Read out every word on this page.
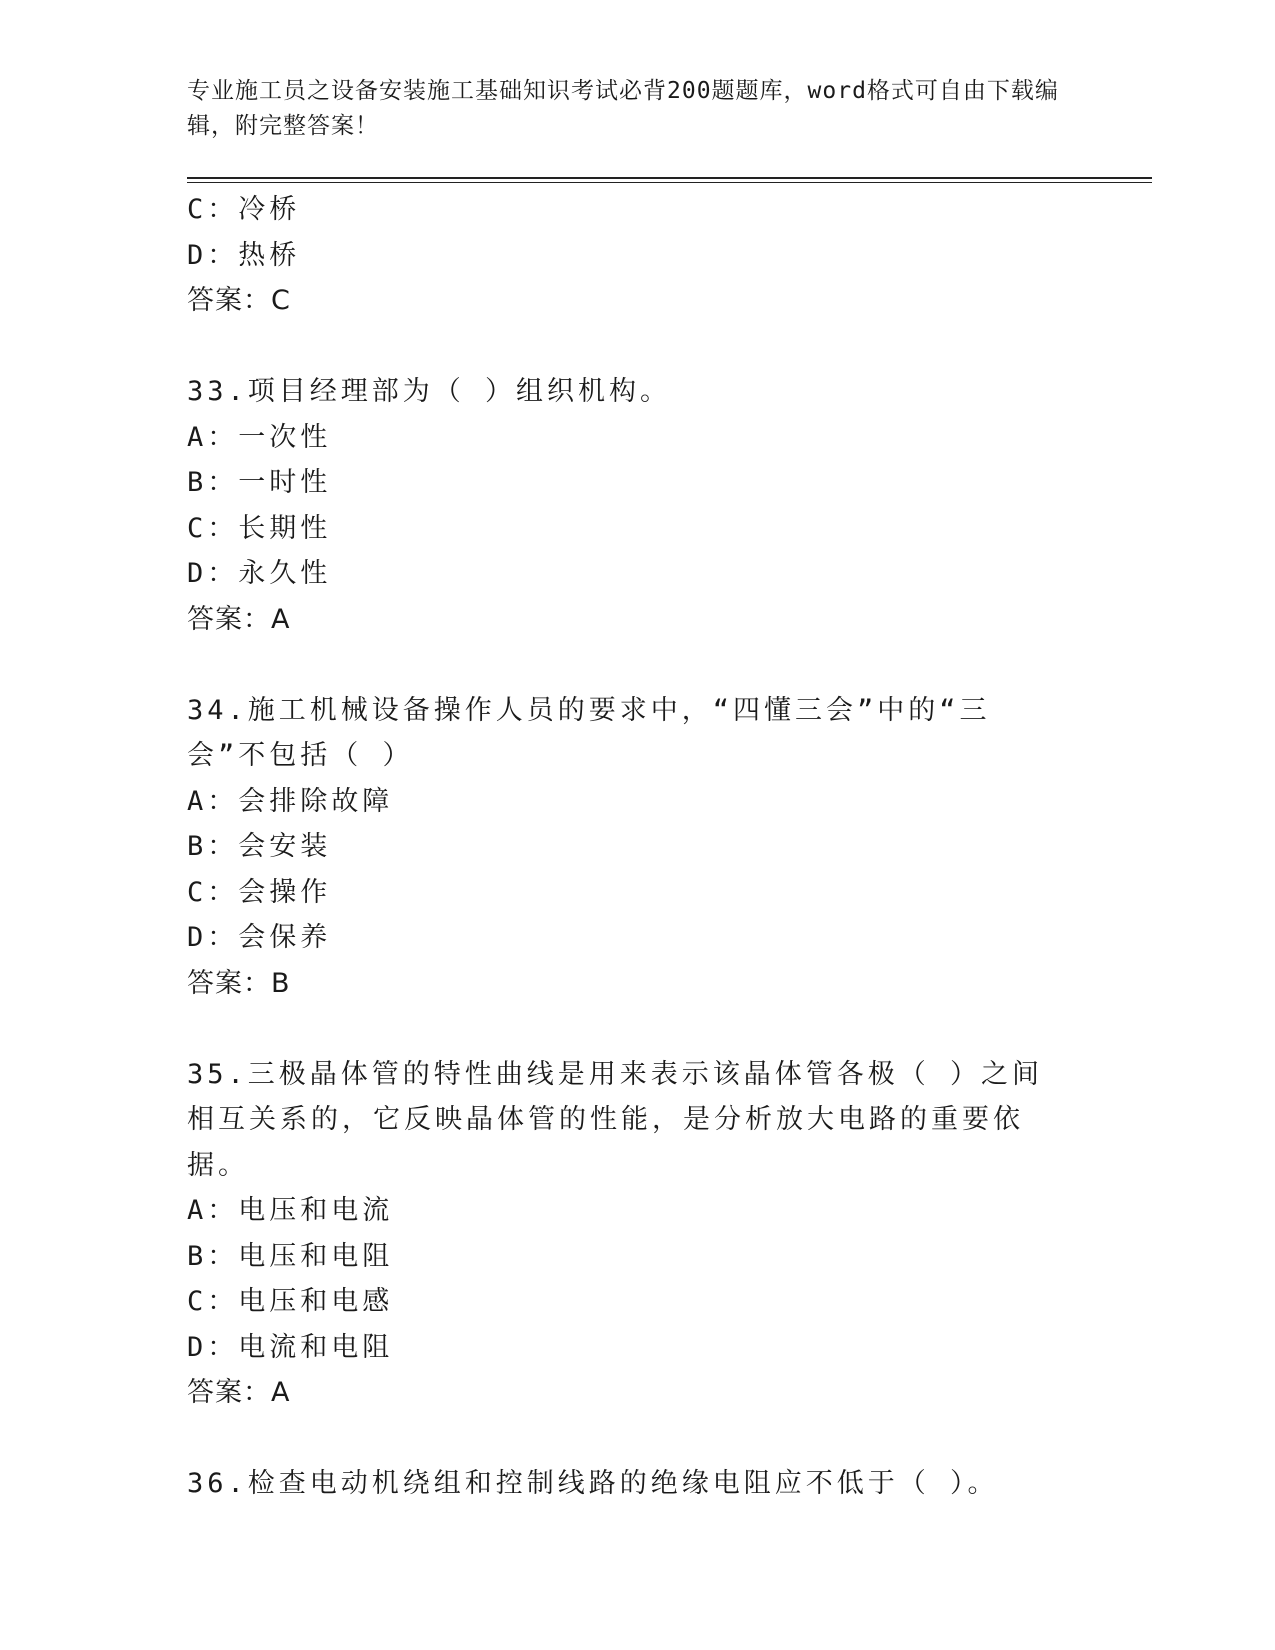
专业施工员之设备安装施工基础知识考试必背200题题库，word格式可自由下载编辑，附完整答案！
C：冷桥
D：热桥
答案：C
33.项目经理部为（ ）组织机构。
A：一次性
B：一时性
C：长期性
D：永久性
答案：A
34.施工机械设备操作人员的要求中，“四懂三会”中的“三会”不包括（ ）
A：会排除故障
B：会安装
C：会操作
D：会保养
答案：B
35.三极晶体管的特性曲线是用来表示该晶体管各极（ ）之间相互关系的，它反映晶体管的性能，是分析放大电路的重要依据。
A：电压和电流
B：电压和电阻
C：电压和电感
D：电流和电阻
答案：A
36.检查电动机绕组和控制线路的绝缘电阻应不低于（ ）。
